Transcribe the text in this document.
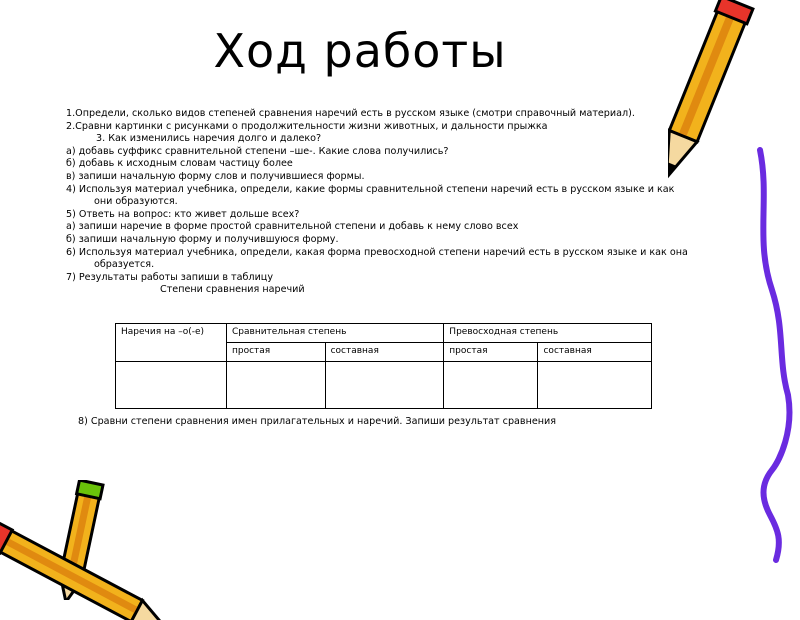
Ход работы
1.Определи, сколько видов степеней сравнения наречий есть в русском языке (смотри справочный материал).
2.Сравни картинки с рисунками о продолжительности жизни животных, и дальности прыжка
3. Как изменились наречия долго и далеко?
а) добавь суффикс сравнительной степени –ше-. Какие слова получились?
б) добавь к исходным словам частицу более
в) запиши начальную форму слов и получившиеся формы.
4) Используя материал учебника, определи, какие формы сравнительной степени наречий есть в русском языке и как
они образуются.
5) Ответь на вопрос: кто живет дольше всех?
а) запиши наречие в форме простой сравнительной степени и добавь к нему слово всех
б) запиши начальную форму и получившуюся форму.
6) Используя материал учебника, определи, какая форма превосходной степени наречий есть в русском языке и как она
образуется.
7) Результаты работы запиши в таблицу
Степени сравнения наречий
Наречия на –о(-е)	Сравнительная степень		Превосходная степень	
	простая	составная	простая	составная

8) Сравни степени сравнения имен прилагательных и наречий. Запиши результат сравнения
